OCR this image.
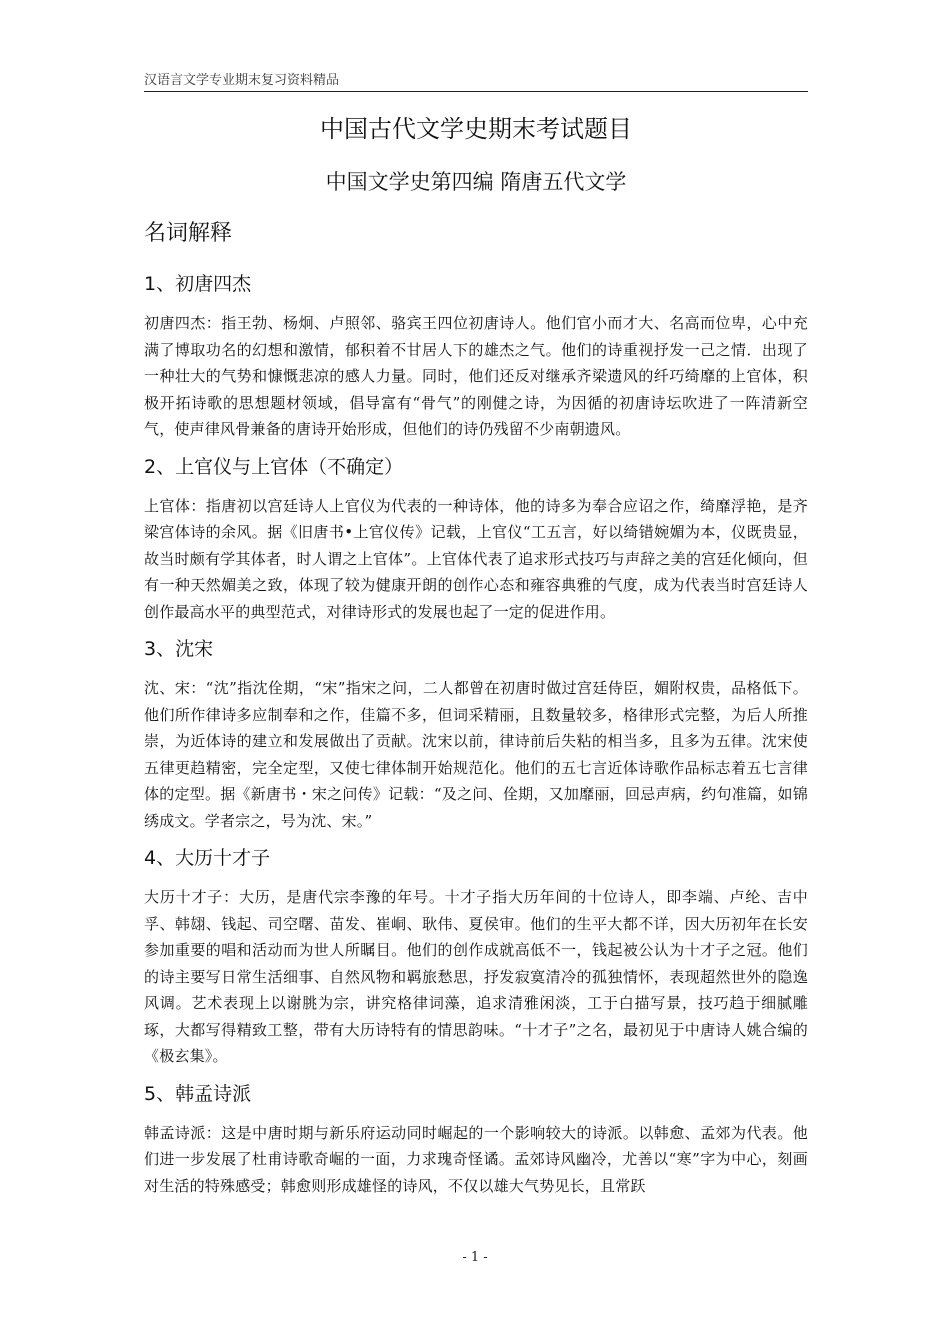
汉语言文学专业期末复习资料精品
中国古代文学史期末考试题目
中国文学史第四编 隋唐五代文学
名词解释
1、初唐四杰

初唐四杰：指王勃、杨炯、卢照邻、骆宾王四位初唐诗人。他们官小而才大、名高而位卑，心中充满了博取功名的幻想和激情，郁积着不甘居人下的雄杰之气。他们的诗重视抒发一己之情．出现了一种壮大的气势和慷慨悲凉的感人力量。同时，他们还反对继承齐梁遗风的纤巧绮靡的上官体，积极开拓诗歌的思想题材领域，倡导富有“骨气”的刚健之诗，为因循的初唐诗坛吹进了一阵清新空气，使声律风骨兼备的唐诗开始形成，但他们的诗仍残留不少南朝遗风。

2、上官仪与上官体（不确定）

上官体：指唐初以宫廷诗人上官仪为代表的一种诗体，他的诗多为奉合应诏之作，绮靡浮艳，是齐梁宫体诗的余风。据《旧唐书•上官仪传》记载，上官仪“工五言，好以绮错婉媚为本，仪既贵显，故当时颇有学其体者，时人谓之上官体”。上官体代表了追求形式技巧与声辞之美的宫廷化倾向，但有一种天然媚美之致，体现了较为健康开朗的创作心态和雍容典雅的气度，成为代表当时宫廷诗人创作最高水平的典型范式，对律诗形式的发展也起了一定的促进作用。

3、沈宋

沈、宋：“沈”指沈佺期，“宋”指宋之问，二人都曾在初唐时做过宫廷侍臣，媚附权贵，品格低下。他们所作律诗多应制奉和之作，佳篇不多，但词采精丽，且数量较多，格律形式完整，为后人所推崇，为近体诗的建立和发展做出了贡献。沈宋以前，律诗前后失粘的相当多，且多为五律。沈宋使五律更趋精密，完全定型，又使七律体制开始规范化。他们的五七言近体诗歌作品标志着五七言律体的定型。据《新唐书・宋之问传》记载：“及之问、佺期，又加靡丽，回忌声病，约句准篇，如锦绣成文。学者宗之，号为沈、宋。”

4、大历十才子

大历十才子：大历，是唐代宗李豫的年号。十才子指大历年间的十位诗人，即李端、卢纶、吉中孚、韩翃、钱起、司空曙、苗发、崔峒、耿伟、夏侯审。他们的生平大都不详，因大历初年在长安参加重要的唱和活动而为世人所瞩目。他们的创作成就高低不一，钱起被公认为十才子之冠。他们的诗主要写日常生活细事、自然风物和羁旅愁思，抒发寂寞清冷的孤独情怀，表现超然世外的隐逸风调。艺术表现上以谢朓为宗，讲究格律词藻，追求清雅闲淡，工于白描写景，技巧趋于细腻雕琢，大都写得精致工整，带有大历诗特有的情思韵味。“十才子”之名，最初见于中唐诗人姚合编的《极玄集》。

5、韩孟诗派

韩孟诗派：这是中唐时期与新乐府运动同时崛起的一个影响较大的诗派。以韩愈、孟郊为代表。他们进一步发展了杜甫诗歌奇崛的一面，力求瑰奇怪谲。孟郊诗风幽冷，尤善以“寒”字为中心，刻画对生活的特殊感受；韩愈则形成雄怪的诗风，不仅以雄大气势见长，且常跃

- 1 -
